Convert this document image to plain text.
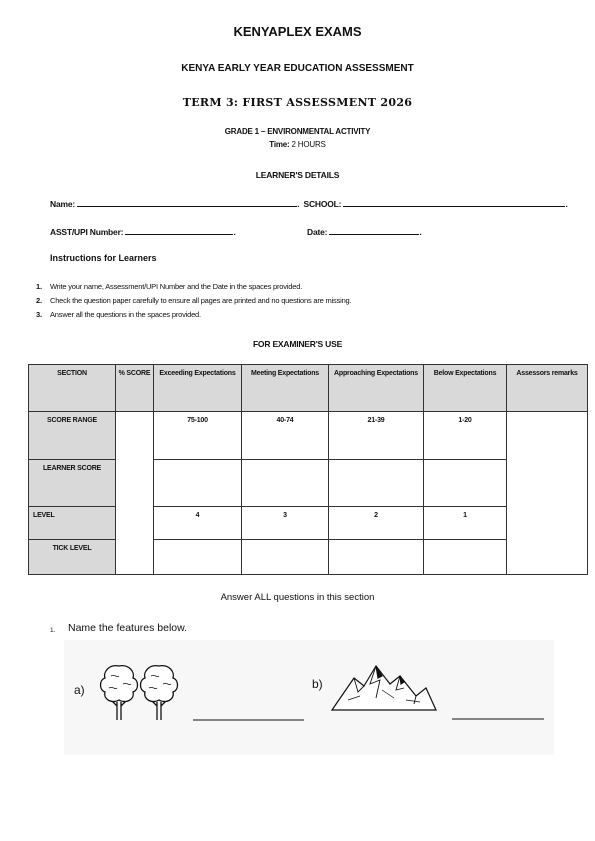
KENYAPLEX EXAMS
KENYA EARLY YEAR EDUCATION ASSESSMENT
TERM 3: FIRST ASSESSMENT 2026
GRADE 1 – ENVIRONMENTAL ACTIVITY
Time: 2 HOURS
LEARNER'S DETAILS
Name:	. SCHOOL:	.
ASST/UPI Number:	.	Date:	.
Instructions for Learners
1. Write your name, Assessment/UPI Number and the Date in the spaces provided.
2. Check the question paper carefully to ensure all pages are printed and no questions are missing.
3. Answer all the questions in the spaces provided.
FOR EXAMINER'S USE
SECTION	% SCORE	Exceeding Expectations	Meeting Expectations	Approaching Expectations	Below Expectations	Assessors remarks
SCORE RANGE		75-100	40-74	21-39	1-20	
LEARNER SCORE						
LEVEL		4	3	2	1	
TICK LEVEL						
Answer ALL questions in this section
1. Name the features below.
a)	b)
